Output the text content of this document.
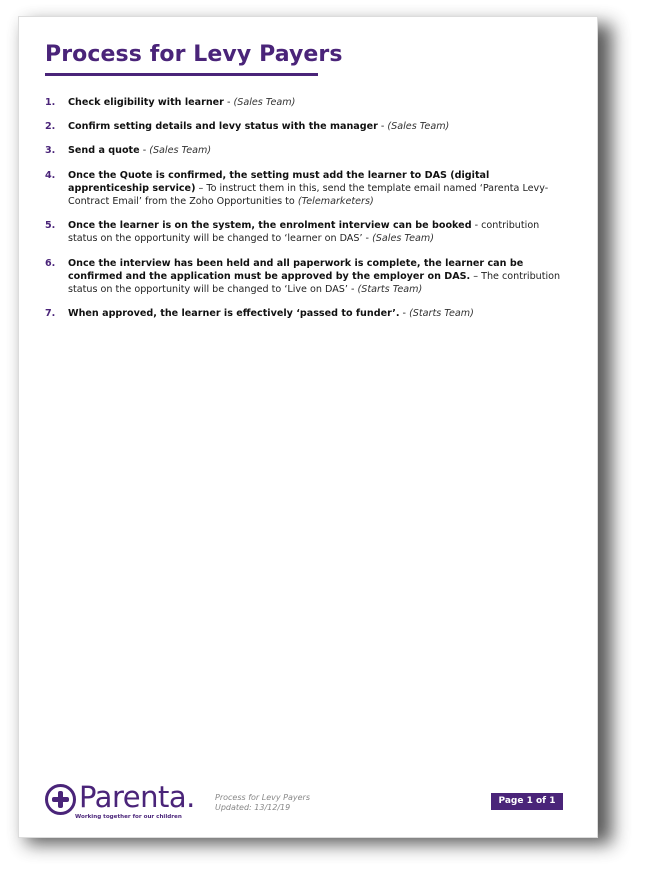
Process for Levy Payers
1. Check eligibility with learner - (Sales Team)
2. Confirm setting details and levy status with the manager - (Sales Team)
3. Send a quote - (Sales Team)
4. Once the Quote is confirmed, the setting must add the learner to DAS (digital apprenticeship service) – To instruct them in this, send the template email named ‘Parenta Levy- Contract Email’ from the Zoho Opportunities to (Telemarketers)
5. Once the learner is on the system, the enrolment interview can be booked - contribution status on the opportunity will be changed to ‘learner on DAS’ - (Sales Team)
6. Once the interview has been held and all paperwork is complete, the learner can be confirmed and the application must be approved by the employer on DAS. – The contribution status on the opportunity will be changed to ‘Live on DAS’ - (Starts Team)
7. When approved, the learner is effectively ‘passed to funder’. - (Starts Team)
Parenta.
Working together for our children
Process for Levy Payers
Updated: 13/12/19
Page 1 of 1
